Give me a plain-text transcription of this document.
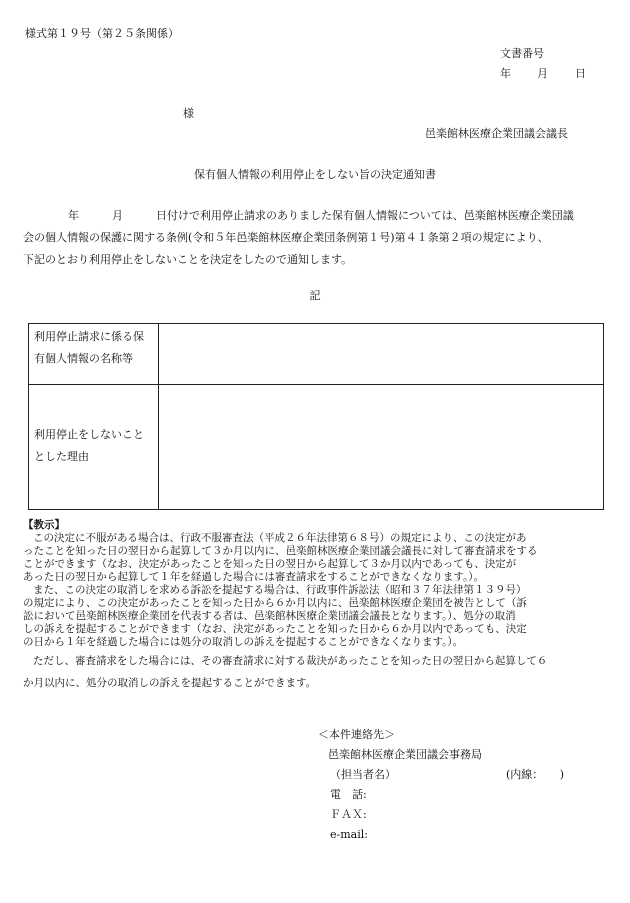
様式第１９号（第２５条関係）
文書番号
年 月 日
様
邑楽館林医療企業団議会議長
保有個人情報の利用停止をしない旨の決定通知書

年	月	日付けで利用停止請求のありました保有個人情報については、邑楽館林医療企業団議
会の個人情報の保護に関する条例(令和５年邑楽館林医療企業団条例第１号)第４１条第２項の規定により、
下記のとおり利用停止をしないことを決定をしたので通知します。

記
利用停止請求に係る保有個人情報の名称等	

利用停止をしないこととした理由	

【教示】
この決定に不服がある場合は、行政不服審査法（平成２６年法律第６８号）の規定により、この決定があ
ったことを知った日の翌日から起算して３か月以内に、邑楽館林医療企業団議会議長に対して審査請求をする
ことができます（なお、決定があったことを知った日の翌日から起算して３か月以内であっても、決定が
あった日の翌日から起算して１年を経過した場合には審査請求をすることができなくなります。）。
また、この決定の取消しを求める訴訟を提起する場合は、行政事件訴訟法（昭和３７年法律第１３９号）
の規定により、この決定があったことを知った日から６か月以内に、邑楽館林医療企業団を被告として（訴
訟において邑楽館林医療企業団を代表する者は、邑楽館林医療企業団議会議長となります。）、処分の取消
しの訴えを提起することができます（なお、決定があったことを知った日から６か月以内であっても、決定
の日から１年を経過した場合には処分の取消しの訴えを提起することができなくなります。）。
ただし、審査請求をした場合には、その審査請求に対する裁決があったことを知った日の翌日から起算して６
か月以内に、処分の取消しの訴えを提起することができます。
＜本件連絡先＞
邑楽館林医療企業団議会事務局
（担当者名）	(内線：　　)
電　話:
ＦＡＸ:
e-mail:
